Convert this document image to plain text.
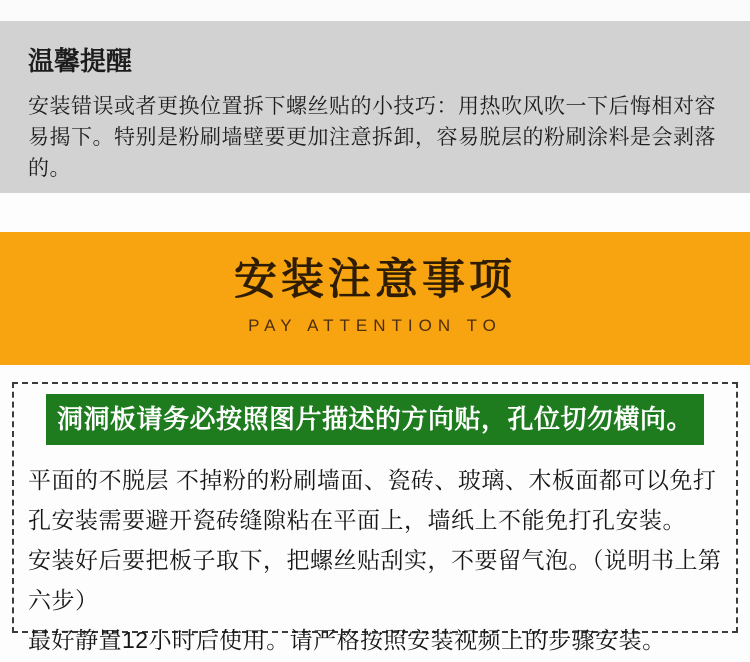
温馨提醒

安装错误或者更换位置拆下螺丝贴的小技巧：用热吹风吹一下后悔相对容易揭下。特别是粉刷墙壁要更加注意拆卸，容易脱层的粉刷涂料是会剥落的。

安装注意事项
PAY ATTENTION TO
洞洞板请务必按照图片描述的方向贴，孔位切勿横向。

平面的不脱层 不掉粉的粉刷墙面、瓷砖、玻璃、木板面都可以免打孔安装需要避开瓷砖缝隙粘在平面上，墙纸上不能免打孔安装。

安装好后要把板子取下，把螺丝贴刮实，不要留气泡。（说明书上第六步）

最好静置12小时后使用。请严格按照安装视频上的步骤安装。
